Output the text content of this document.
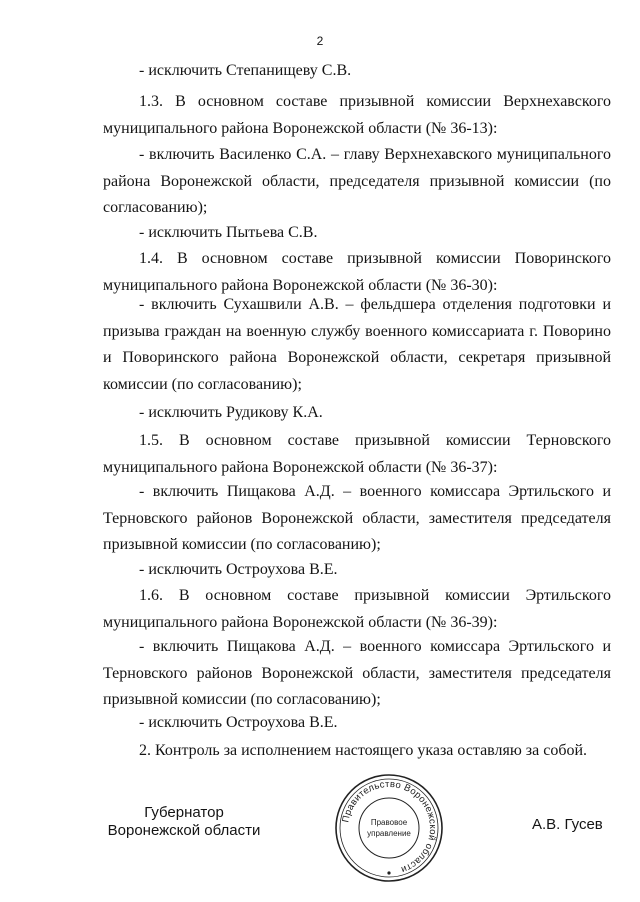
2

- исключить Степанищеву С.В.

1.3. В основном составе призывной комиссии Верхнехавского муниципального района Воронежской области (№ 36-13):

- включить Василенко С.А. – главу Верхнехавского муниципального района Воронежской области, председателя призывной комиссии (по согласованию);

- исключить Пытьева С.В.

1.4. В основном составе призывной комиссии Поворинского муниципального района Воронежской области (№ 36-30):

- включить Сухашвили А.В. – фельдшера отделения подготовки и призыва граждан на военную службу военного комиссариата г. Поворино и Поворинского района Воронежской области, секретаря призывной комиссии (по согласованию);

- исключить Рудикову К.А.

1.5. В основном составе призывной комиссии Терновского муниципального района Воронежской области (№ 36-37):

- включить Пищакова А.Д. – военного комиссара Эртильского и Терновского районов Воронежской области, заместителя председателя призывной комиссии (по согласованию);

- исключить Остроухова В.Е.

1.6. В основном составе призывной комиссии Эртильского муниципального района Воронежской области (№ 36-39):

- включить Пищакова А.Д. – военного комиссара Эртильского и Терновского районов Воронежской области, заместителя председателя призывной комиссии (по согласованию);

- исключить Остроухова В.Е.

2. Контроль за исполнением настоящего указа оставляю за собой.

Губернатор
Воронежской области
Правительство Воронежской области
Правовое
управление
А.В. Гусев
